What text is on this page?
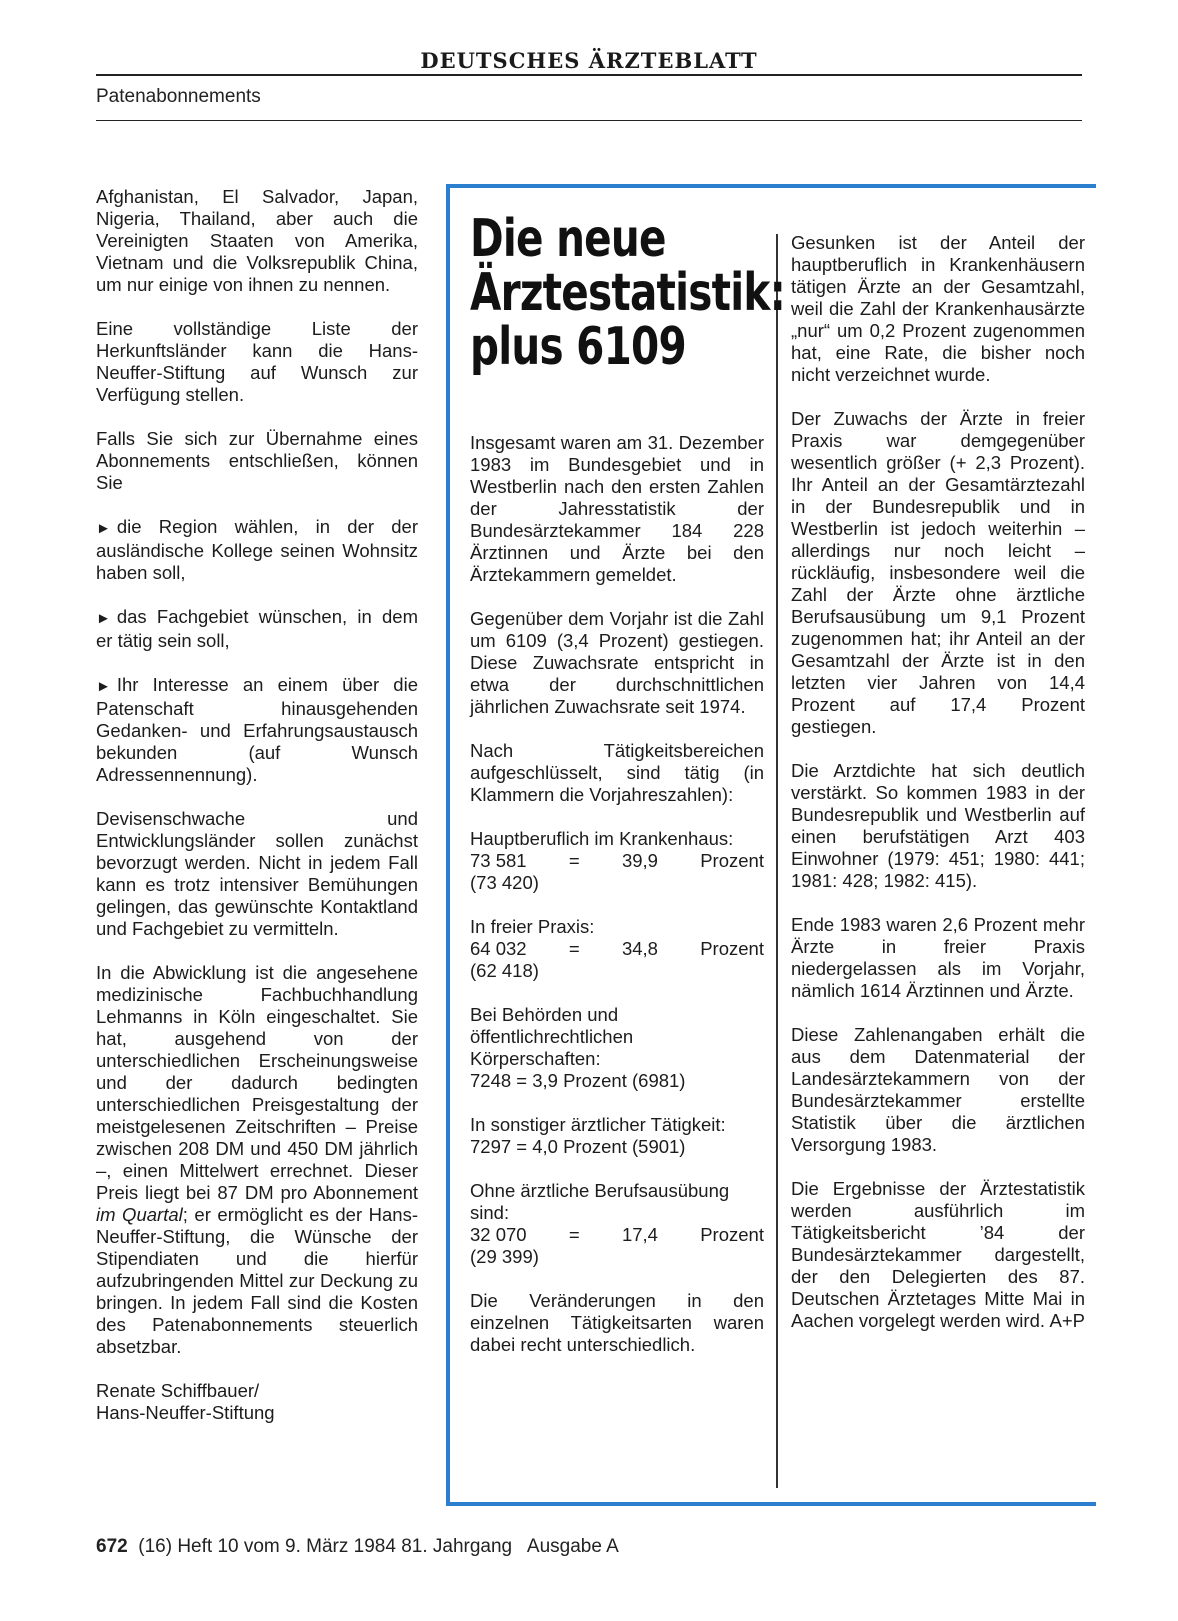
DEUTSCHES ÄRZTEBLATT
Patenabonnements

Afghanistan, El Salvador, Japan, Nigeria, Thailand, aber auch die Vereinigten Staaten von Amerika, Vietnam und die Volksrepublik China, um nur einige von ihnen zu nennen.

Eine vollständige Liste der Herkunftsländer kann die Hans-Neuffer-Stiftung auf Wunsch zur Verfügung stellen.

Falls Sie sich zur Übernahme eines Abonnements entschließen, können Sie

► die Region wählen, in der der ausländische Kollege seinen Wohnsitz haben soll,

► das Fachgebiet wünschen, in dem er tätig sein soll,

► Ihr Interesse an einem über die Patenschaft hinausgehenden Gedanken- und Erfahrungsaustausch bekunden (auf Wunsch Adressennennung).

Devisenschwache und Entwicklungsländer sollen zunächst bevorzugt werden. Nicht in jedem Fall kann es trotz intensiver Bemühungen gelingen, das gewünschte Kontaktland und Fachgebiet zu vermitteln.

In die Abwicklung ist die angesehene medizinische Fachbuchhandlung Lehmanns in Köln eingeschaltet. Sie hat, ausgehend von der unterschiedlichen Erscheinungsweise und der dadurch bedingten unterschiedlichen Preisgestaltung der meistgelesenen Zeitschriften – Preise zwischen 208 DM und 450 DM jährlich –, einen Mittelwert errechnet. Dieser Preis liegt bei 87 DM pro Abonnement im Quartal; er ermöglicht es der Hans-Neuffer-Stiftung, die Wünsche der Stipendiaten und die hierfür aufzubringenden Mittel zur Deckung zu bringen. In jedem Fall sind die Kosten des Patenabonnements steuerlich absetzbar.

Renate Schiffbauer/
Hans-Neuffer-Stiftung
Die neue
Ärztestatistik:
plus 6109

Insgesamt waren am 31. Dezember 1983 im Bundesgebiet und in Westberlin nach den ersten Zahlen der Jahresstatistik der Bundesärztekammer 184 228 Ärztinnen und Ärzte bei den Ärztekammern gemeldet.

Gegenüber dem Vorjahr ist die Zahl um 6109 (3,4 Prozent) gestiegen. Diese Zuwachsrate entspricht in etwa der durchschnittlichen jährlichen Zuwachsrate seit 1974.

Nach Tätigkeitsbereichen aufgeschlüsselt, sind tätig (in Klammern die Vorjahreszahlen):

Hauptberuflich im Krankenhaus:
73 581 = 39,9 Prozent
(73 420)
In freier Praxis:
64 032 = 34,8 Prozent
(62 418)
Bei Behörden und öffentlichrechtlichen Körperschaften:
7248 = 3,9 Prozent (6981)
In sonstiger ärztlicher Tätigkeit:
7297 = 4,0 Prozent (5901)
Ohne ärztliche Berufsausübung sind:
32 070 = 17,4 Prozent
(29 399)

Die Veränderungen in den einzelnen Tätigkeitsarten waren dabei recht unterschiedlich.

Gesunken ist der Anteil der hauptberuflich in Krankenhäusern tätigen Ärzte an der Gesamtzahl, weil die Zahl der Krankenhausärzte „nur“ um 0,2 Prozent zugenommen hat, eine Rate, die bisher noch nicht verzeichnet wurde.

Der Zuwachs der Ärzte in freier Praxis war demgegenüber wesentlich größer (+ 2,3 Prozent). Ihr Anteil an der Gesamtärztezahl in der Bundesrepublik und in Westberlin ist jedoch weiterhin – allerdings nur noch leicht – rückläufig, insbesondere weil die Zahl der Ärzte ohne ärztliche Berufsausübung um 9,1 Prozent zugenommen hat; ihr Anteil an der Gesamtzahl der Ärzte ist in den letzten vier Jahren von 14,4 Prozent auf 17,4 Prozent gestiegen.

Die Arztdichte hat sich deutlich verstärkt. So kommen 1983 in der Bundesrepublik und Westberlin auf einen berufstätigen Arzt 403 Einwohner (1979: 451; 1980: 441; 1981: 428; 1982: 415).

Ende 1983 waren 2,6 Prozent mehr Ärzte in freier Praxis niedergelassen als im Vorjahr, nämlich 1614 Ärztinnen und Ärzte.

Diese Zahlenangaben erhält die aus dem Datenmaterial der Landesärztekammern von der Bundesärztekammer erstellte Statistik über die ärztlichen Versorgung 1983.

Die Ergebnisse der Ärztestatistik werden ausführlich im Tätigkeitsbericht ’84 der Bundesärztekammer dargestellt, der den Delegierten des 87. Deutschen Ärztetages Mitte Mai in Aachen vorgelegt werden wird. A+P

672  (16) Heft 10 vom 9. März 1984 81. Jahrgang   Ausgabe A
